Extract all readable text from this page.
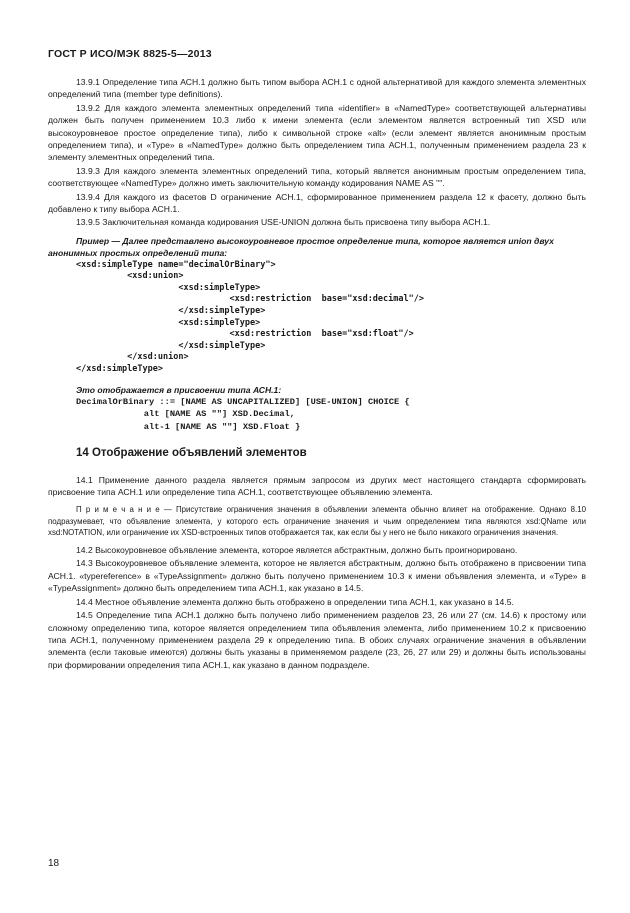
ГОСТ Р ИСО/МЭК 8825-5—2013

13.9.1 Определение типа АСН.1 должно быть типом выбора АСН.1 с одной альтернативой для каждого элемента элементных определений типа (member type definitions).

13.9.2 Для каждого элемента элементных определений типа «identifier» в «NamedType» соответствующей альтернативы должен быть получен применением 10.3 либо к имени элемента (если элементом является встроенный тип XSD или высокоуровневое простое определение типа), либо к символьной строке «alt» (если элемент является анонимным простым определением типа), и «Type» в «NamedType» должно быть определением типа АСН.1, полученным применением раздела 23 к элементу элементных определений типа.

13.9.3 Для каждого элемента элементных определений типа, который является анонимным простым определением типа, соответствующее «NamedType» должно иметь заключительную команду кодирования NAME AS "".

13.9.4 Для каждого из фасетов D ограничение АСН.1, сформированное применением раздела 12 к фасету, должно быть добавлено к типу выбора АСН.1.

13.9.5 Заключительная команда кодирования USE-UNION должна быть присвоена типу выбора АСН.1.

Пример — Далее представлено высокоуровневое простое определение типа, которое является union двух анонимных простых определений типа:

<xsd:simpleType name="decimalOrBinary">
<xsd:union>
<xsd:simpleType>
<xsd:restriction  base="xsd:decimal"/>
</xsd:simpleType>
<xsd:simpleType>
<xsd:restriction  base="xsd:float"/>
</xsd:simpleType>
</xsd:union>
</xsd:simpleType>

Это отображается в присвоении типа АСН.1:

DecimalOrBinary ::= [NAME AS UNCAPITALIZED] [USE-UNION] CHOICE {
alt [NAME AS ""] XSD.Decimal,
alt-1 [NAME AS ""] XSD.Float }
14 Отображение объявлений элементов

14.1 Применение данного раздела является прямым запросом из других мест настоящего стандарта сформировать присвоение типа АСН.1 или определение типа АСН.1, соответствующее объявлению элемента.

П р и м е ч а н и е — Присутствие ограничения значения в объявлении элемента обычно влияет на отображение. Однако 8.10 подразумевает, что объявление элемента, у которого есть ограничение значения и чьим определением типа являются xsd:QName или xsd:NOTATION, или ограничение их XSD-встроенных типов отображается так, как если бы у него не было никакого ограничения значения.

14.2 Высокоуровневое объявление элемента, которое является абстрактным, должно быть проигнорировано.

14.3 Высокоуровневое объявление элемента, которое не является абстрактным, должно быть отображено в присвоении типа АСН.1. «typereference» в «TypeAssignment» должно быть получено применением 10.3 к имени объявления элемента, и «Type» в «TypeAssignment» должно быть определением типа АСН.1, как указано в 14.5.

14.4 Местное объявление элемента должно быть отображено в определении типа АСН.1, как указано в 14.5.

14.5 Определение типа АСН.1 должно быть получено либо применением разделов 23, 26 или 27 (см. 14.6) к простому или сложному определению типа, которое является определением типа объявления элемента, либо применением 10.2 к присвоению типа АСН.1, полученному применением раздела 29 к определению типа. В обоих случаях ограничение значения в объявлении элемента (если таковые имеются) должны быть указаны в применяемом разделе (23, 26, 27 или 29) и должны быть использованы при формировании определения типа АСН.1, как указано в данном подразделе.

18
